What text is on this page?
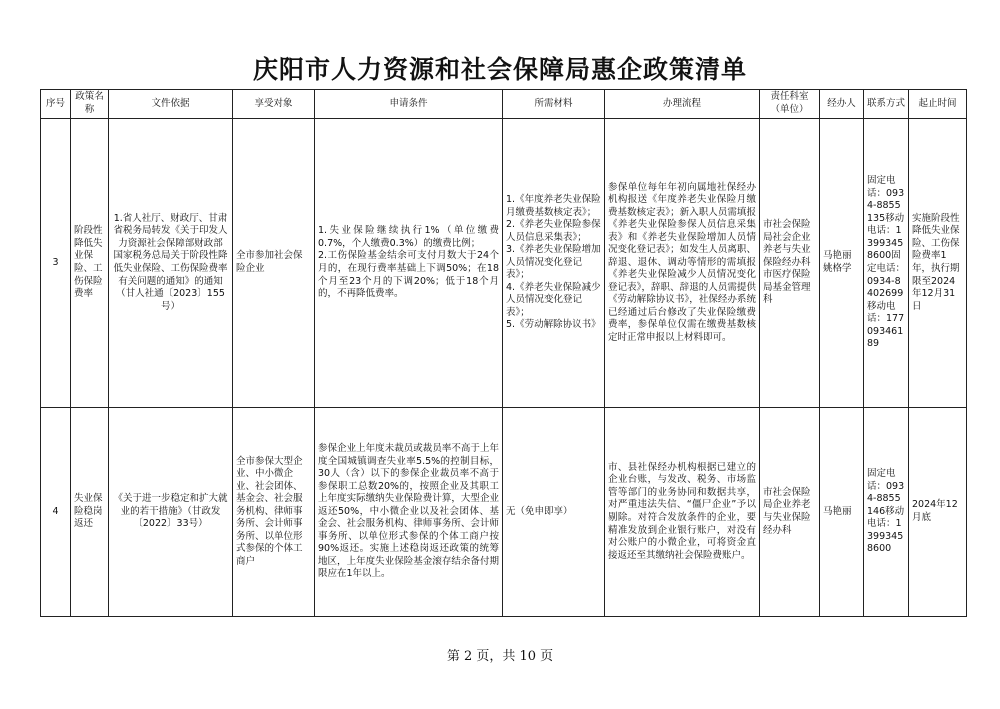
庆阳市人力资源和社会保障局惠企政策清单
序号	政策名称	文件依据	享受对象	申请条件	所需材料	办理流程	责任科室（单位）	经办人	联系方式	起止时间
3	阶段性降低失业保险、工伤保险费率	1.省人社厅、财政厅、甘肃省税务局转发《关于印发人力资源社会保障部财政部 国家税务总局关于阶段性降低失业保险、工伤保险费率有关问题的通知》的通知（甘人社通〔2023〕155号）	全市参加社会保险企业	1.失业保险继续执行1%（单位缴费0.7%，个人缴费0.3%）的缴费比例；
2.工伤保险基金结余可支付月数大于24个月的，在现行费率基础上下调50%；在18个月至23个月的下调20%；低于18个月的，不再降低费率。	1.《年度养老失业保险月缴费基数核定表》；
2.《养老失业保险参保人员信息采集表》；
3.《养老失业保险增加人员情况变化登记表》；
4.《养老失业保险减少人员情况变化登记表》；
5.《劳动解除协议书》	参保单位每年年初向属地社保经办机构报送《年度养老失业保险月缴费基数核定表》；新入职人员需填报《养老失业保险参保人员信息采集表》和《养老失业保险增加人员情况变化登记表》；如发生人员离职、辞退、退休、调动等情形的需填报《养老失业保险减少人员情况变化登记表》，辞职、辞退的人员需提供《劳动解除协议书》，社保经办系统已经通过后台修改了失业保险缴费费率，参保单位仅需在缴费基数核定时正常申报以上材料即可。	市社会保险局社会企业养老与失业保险经办科市医疗保险局基金管理科	马艳丽姚格学	固定电话：0934-8855135移动电话：13993458600固定电话：0934-8402699移动电话：17709346189	实施阶段性降低失业保险、工伤保险费率1年，执行期限至2024年12月31日
4	失业保险稳岗返还	《关于进一步稳定和扩大就业的若干措施》（甘政发〔2022〕33号）	全市参保大型企业、中小微企业、社会团体、基金会、社会服务机构、律师事务所、会计师事务所、以单位形式参保的个体工商户	参保企业上年度未裁员或裁员率不高于上年度全国城镇调查失业率5.5%的控制目标，30人（含）以下的参保企业裁员率不高于参保职工总数20%的，按照企业及其职工上年度实际缴纳失业保险费计算，大型企业返还50%，中小微企业以及社会团体、基金会、社会服务机构、律师事务所、会计师事务所、以单位形式参保的个体工商户按90%返还。实施上述稳岗返还政策的统筹地区，上年度失业保险基金滚存结余备付期限应在1年以上。	无（免申即享）	市、县社保经办机构根据已建立的企业台账，与发改、税务、市场监管等部门的业务协同和数据共享，对严重违法失信、“僵尸企业”予以剔除。对符合发放条件的企业，要精准发放到企业银行账户，对没有对公账户的小微企业，可将资金直接返还至其缴纳社会保险费账户。	市社会保险局企业养老与失业保险经办科	马艳丽	固定电话：0934-8855146移动电话：13993458600	2024年12月底
第 2 页，共 10 页
